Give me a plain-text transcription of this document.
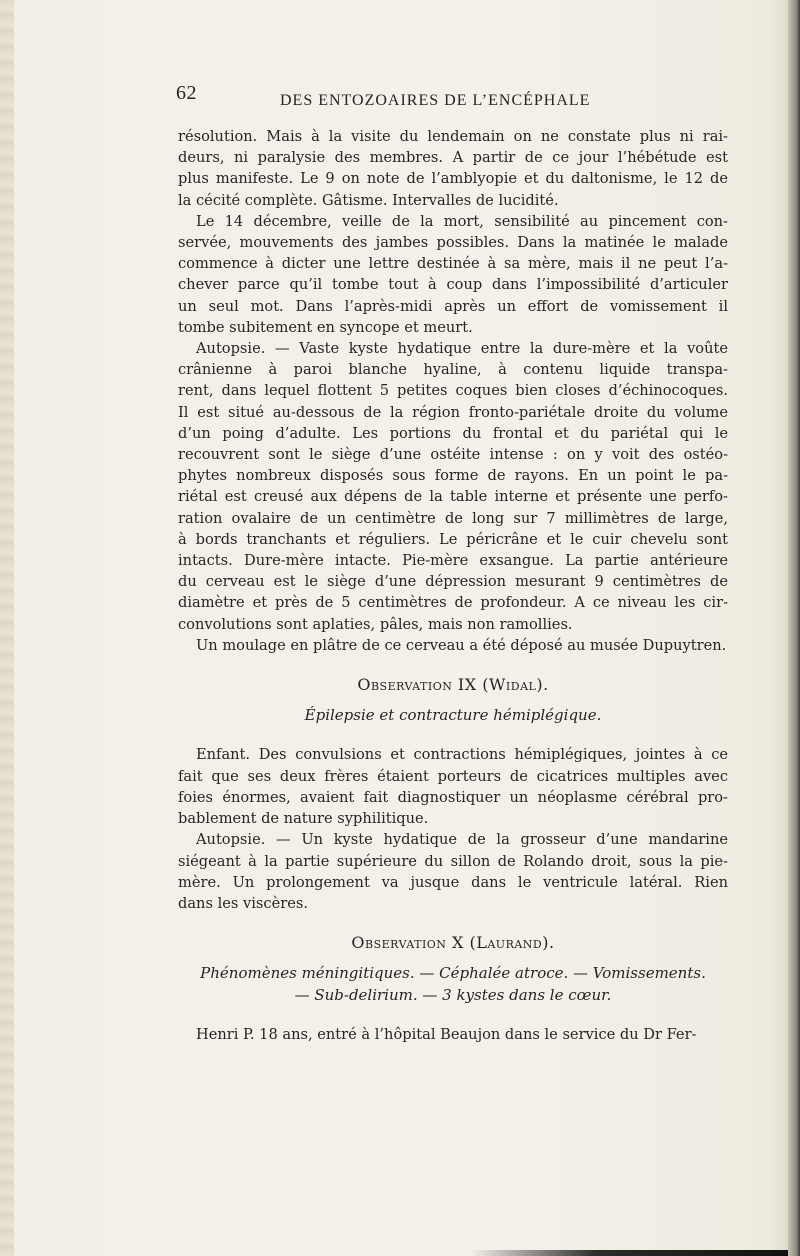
62	DES ENTOZOAIRES DE L’ENCÉPHALE
résolution. Mais à la visite du lendemain on ne constate plus ni rai-
deurs, ni paralysie des membres. A partir de ce jour l’hébétude est
plus manifeste. Le 9 on note de l’amblyopie et du daltonisme, le 12 de
la cécité complète. Gâtisme. Intervalles de lucidité.
Le 14 décembre, veille de la mort, sensibilité au pincement con-
servée, mouvements des jambes possibles. Dans la matinée le malade
commence à dicter une lettre destinée à sa mère, mais il ne peut l’a-
chever parce qu’il tombe tout à coup dans l’impossibilité d’articuler
un seul mot. Dans l’après-midi après un effort de vomissement il
tombe subitement en syncope et meurt.
Autopsie. — Vaste kyste hydatique entre la dure-mère et la voûte
crânienne à paroi blanche hyaline, à contenu liquide transpa-
rent, dans lequel flottent 5 petites coques bien closes d’échinocoques.
Il est situé au-dessous de la région fronto-pariétale droite du volume
d’un poing d’adulte. Les portions du frontal et du pariétal qui le
recouvrent sont le siège d’une ostéite intense : on y voit des ostéo-
phytes nombreux disposés sous forme de rayons. En un point le pa-
riétal est creusé aux dépens de la table interne et présente une perfo-
ration ovalaire de un centimètre de long sur 7 millimètres de large,
à bords tranchants et réguliers. Le péricrâne et le cuir chevelu sont
intacts. Dure-mère intacte. Pie-mère exsangue. La partie antérieure
du cerveau est le siège d’une dépression mesurant 9 centimètres de
diamètre et près de 5 centimètres de profondeur. A ce niveau les cir-
convolutions sont aplaties, pâles, mais non ramollies.
Un moulage en plâtre de ce cerveau a été déposé au musée Dupuytren.
Observation IX (Widal).
Épilepsie et contracture hémiplégique.
Enfant. Des convulsions et contractions hémiplégiques, jointes à ce
fait que ses deux frères étaient porteurs de cicatrices multiples avec
foies énormes, avaient fait diagnostiquer un néoplasme cérébral pro-
bablement de nature syphilitique.
Autopsie. — Un kyste hydatique de la grosseur d’une mandarine
siégeant à la partie supérieure du sillon de Rolando droit, sous la pie-
mère. Un prolongement va jusque dans le ventricule latéral. Rien
dans les viscères.
Observation X (Laurand).
Phénomènes méningitiques. — Céphalée atroce. — Vomissements.
— Sub-delirium. — 3 kystes dans le cœur.
Henri P. 18 ans, entré à l’hôpital Beaujon dans le service du Dr Fer-
